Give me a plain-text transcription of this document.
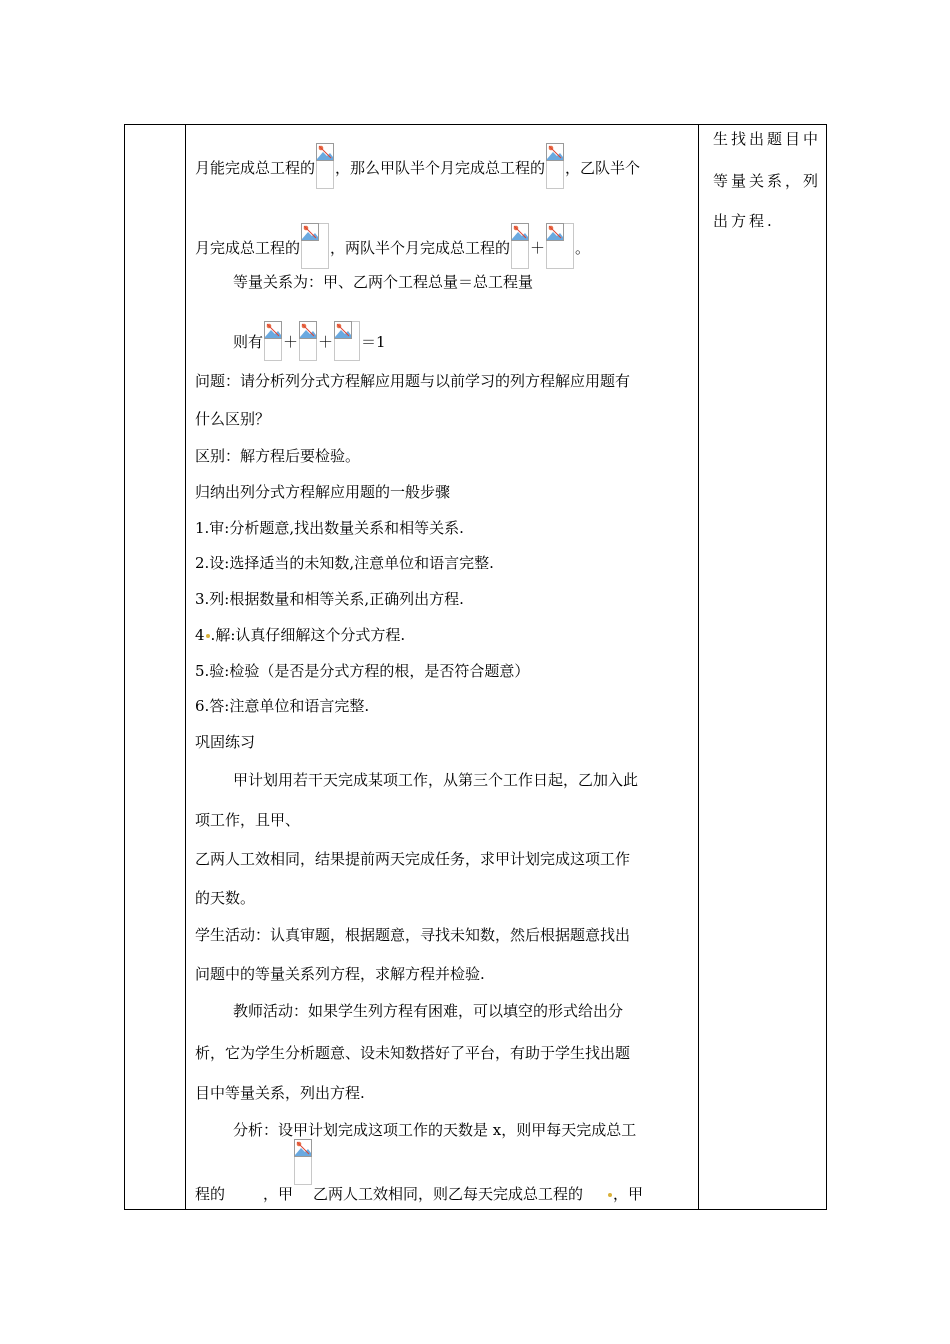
月能完成总工程的 ，那么甲队半个月完成总工程的 ，乙队半个
月完成总工程的 ，两队半个月完成总工程的 ＋ 。
等量关系为：甲、乙两个工程总量＝总工程量
则有 ＋ ＋ ＝1
问题：请分析列分式方程解应用题与以前学习的列方程解应用题有
什么区别？
区别：解方程后要检验。
归纳出列分式方程解应用题的一般步骤
1.审:分析题意,找出数量关系和相等关系.
2.设:选择适当的未知数,注意单位和语言完整.
3.列:根据数量和相等关系,正确列出方程.
4 .解:认真仔细解这个分式方程.
5.验:检验（是否是分式方程的根，是否符合题意）
6.答:注意单位和语言完整.
巩固练习
甲计划用若干天完成某项工作，从第三个工作日起，乙加入此
项工作，且甲、
乙两人工效相同，结果提前两天完成任务，求甲计划完成这项工作
的天数。
学生活动：认真审题，根据题意，寻找未知数，然后根据题意找出
问题中的等量关系列方程，求解方程并检验.
教师活动：如果学生列方程有困难，可以填空的形式给出分
析，它为学生分析题意、设未知数搭好了平台，有助于学生找出题
目中等量关系，列出方程.
分析：设甲计划完成这项工作的天数是 x，则甲每天完成总工
程的	，甲 乙两人工效相同，则乙每天完成总工程的 ，甲
生找出题目中
等量关系，列
出方程.
